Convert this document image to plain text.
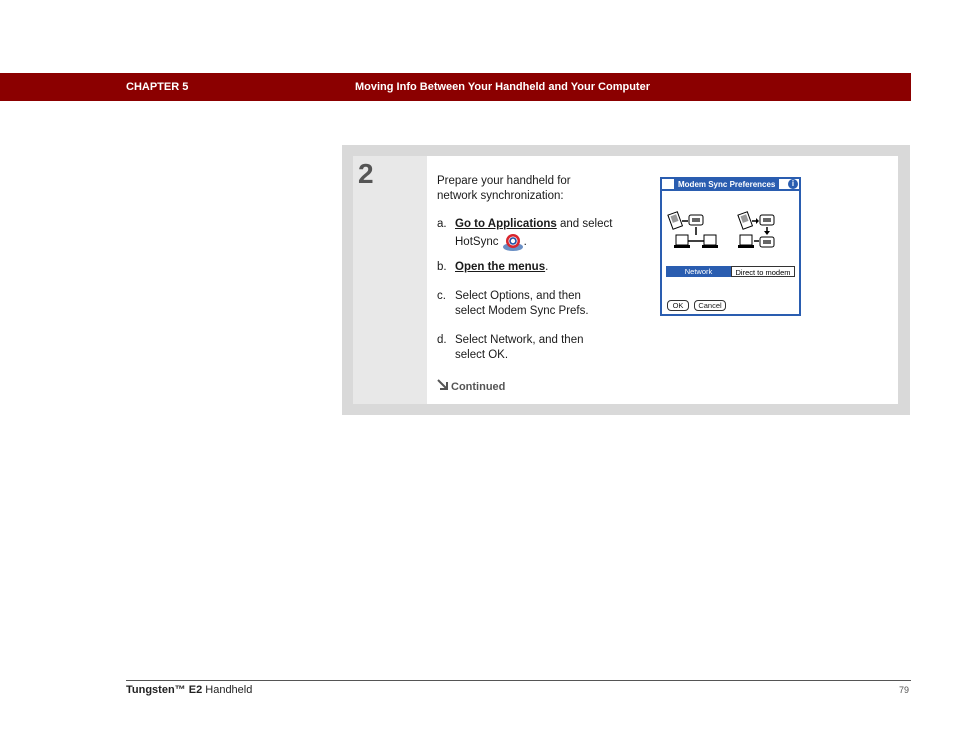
CHAPTER 5	Moving Info Between Your Handheld and Your Computer
2	Prepare your handheld for
network synchronization:
a. Go to Applications and select
HotSync .
b. Open the menus.
c. Select Options, and then
select Modem Sync Prefs.
d. Select Network, and then
select OK.
Continued
Modem Sync Preferences	i
Network	Direct to modem
OK	Cancel
Tungsten™ E2 Handheld	79
